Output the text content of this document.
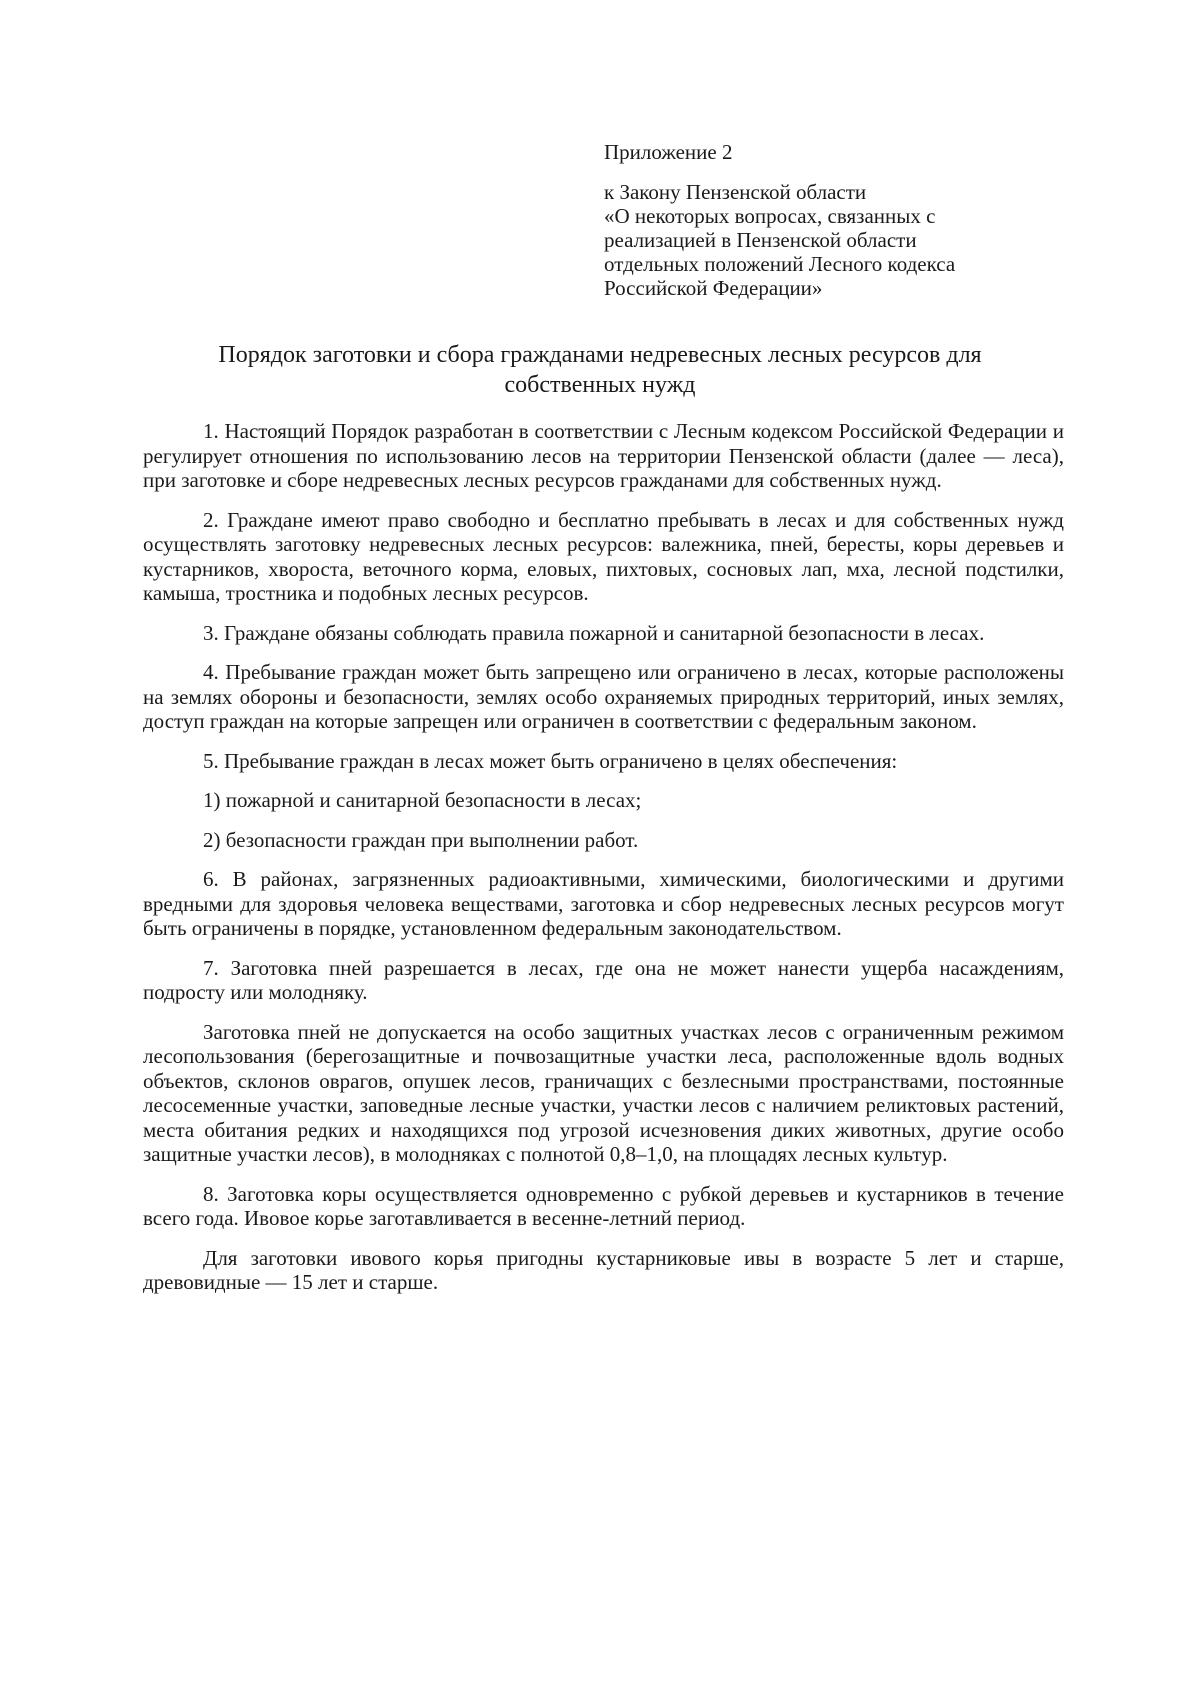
Приложение 2
к Закону Пензенской области
«О некоторых вопросах, связанных с
реализацией в Пензенской области
отдельных положений Лесного кодекса
Российской Федерации»
Порядок заготовки и сбора гражданами недревесных лесных ресурсов для
собственных нужд

1. Настоящий Порядок разработан в соответствии с Лесным кодексом Российской Федерации и регулирует отношения по использованию лесов на территории Пензенской области (далее — леса), при заготовке и сборе недревесных лесных ресурсов гражданами для собственных нужд.

2. Граждане имеют право свободно и бесплатно пребывать в лесах и для собственных нужд осуществлять заготовку недревесных лесных ресурсов: валежника, пней, бересты, коры деревьев и кустарников, хвороста, веточного корма, еловых, пихтовых, сосновых лап, мха, лесной подстилки, камыша, тростника и подобных лесных ресурсов.

3. Граждане обязаны соблюдать правила пожарной и санитарной безопасности в лесах.

4. Пребывание граждан может быть запрещено или ограничено в лесах, которые расположены на землях обороны и безопасности, землях особо охраняемых природных территорий, иных землях, доступ граждан на которые запрещен или ограничен в соответствии с федеральным законом.

5. Пребывание граждан в лесах может быть ограничено в целях обеспечения:

1) пожарной и санитарной безопасности в лесах;

2) безопасности граждан при выполнении работ.

6. В районах, загрязненных радиоактивными, химическими, биологическими и другими вредными для здоровья человека веществами, заготовка и сбор недревесных лесных ресурсов могут быть ограничены в порядке, установленном федеральным законодательством.

7. Заготовка пней разрешается в лесах, где она не может нанести ущерба насаждениям, подросту или молодняку.

Заготовка пней не допускается на особо защитных участках лесов с ограниченным режимом лесопользования (берегозащитные и почвозащитные участки леса, расположенные вдоль водных объектов, склонов оврагов, опушек лесов, граничащих с безлесными пространствами, постоянные лесосеменные участки, заповедные лесные участки, участки лесов с наличием реликтовых растений, места обитания редких и находящихся под угрозой исчезновения диких животных, другие особо защитные участки лесов), в молодняках с полнотой 0,8–1,0, на площадях лесных культур.

8. Заготовка коры осуществляется одновременно с рубкой деревьев и кустарников в течение всего года. Ивовое корье заготавливается в весенне-летний период.

Для заготовки ивового корья пригодны кустарниковые ивы в возрасте 5 лет и старше, древовидные — 15 лет и старше.
